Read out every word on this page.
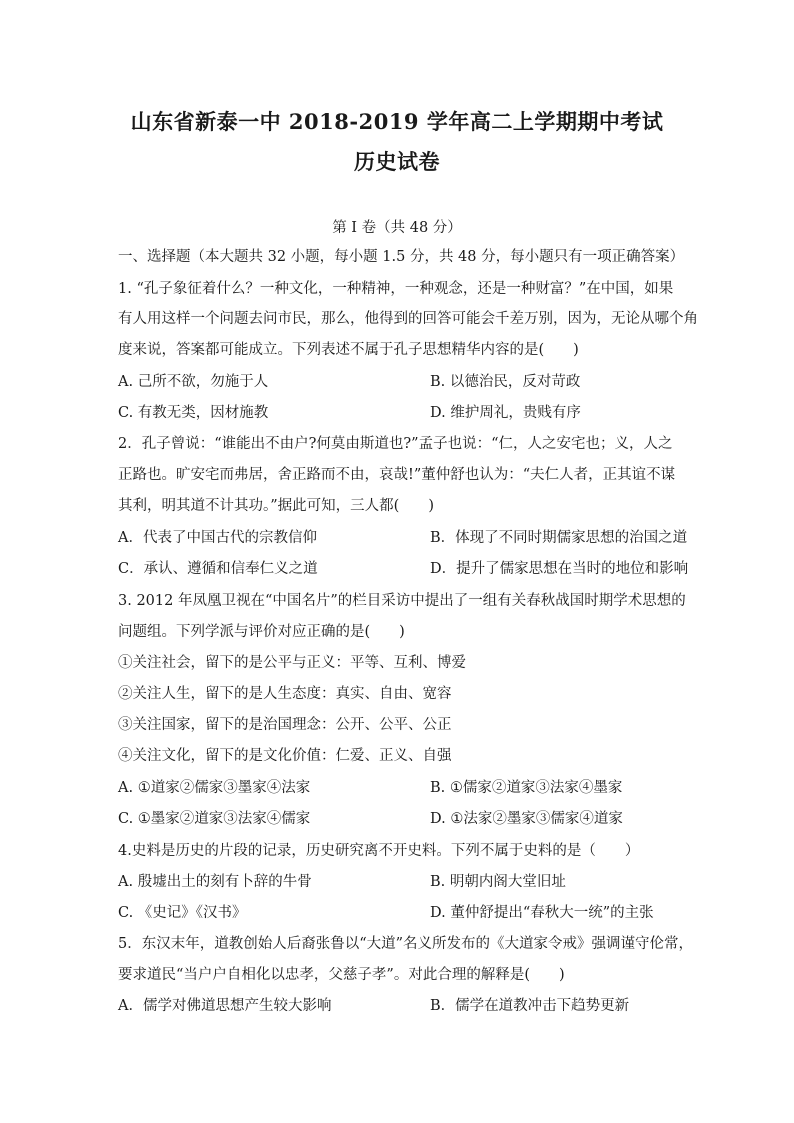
山东省新泰一中 2018-2019 学年高二上学期期中考试
历史试卷
第 I 卷（共 48 分）
一、选择题（本大题共 32 小题，每小题 1.5 分，共 48 分，每小题只有一项正确答案）
1. “孔子象征着什么？一种文化，一种精神，一种观念，还是一种财富？”在中国，如果
有人用这样一个问题去问市民，那么，他得到的回答可能会千差万别，因为，无论从哪个角
度来说，答案都可能成立。下列表述不属于孔子思想精华内容的是(　　)
A. 己所不欲，勿施于人	B. 以德治民，反对苛政
C. 有教无类，因材施教	D. 维护周礼，贵贱有序
2．孔子曾说：“谁能出不由户?何莫由斯道也?”孟子也说：“仁，人之安宅也；义，人之
正路也。旷安宅而弗居，舍正路而不由，哀哉!”董仲舒也认为：“夫仁人者，正其谊不谋
其利，明其道不计其功。”据此可知，三人都(　　)
A．代表了中国古代的宗教信仰	B．体现了不同时期儒家思想的治国之道
C．承认、遵循和信奉仁义之道	D．提升了儒家思想在当时的地位和影响
3. 2012 年凤凰卫视在“中国名片”的栏目采访中提出了一组有关春秋战国时期学术思想的
问题组。下列学派与评价对应正确的是(　　)
①关注社会，留下的是公平与正义：平等、互利、博爱
②关注人生，留下的是人生态度：真实、自由、宽容
③关注国家，留下的是治国理念：公开、公平、公正
④关注文化，留下的是文化价值：仁爱、正义、自强
A. ①道家②儒家③墨家④法家	B. ①儒家②道家③法家④墨家
C. ①墨家②道家③法家④儒家	D. ①法家②墨家③儒家④道家
4.史料是历史的片段的记录，历史研究离不开史料。下列不属于史料的是（　　）
A. 殷墟出土的刻有卜辞的牛骨	B. 明朝内阁大堂旧址
C. 《史记》《汉书》	D. 董仲舒提出“春秋大一统”的主张
5．东汉末年，道教创始人后裔张鲁以“大道”名义所发布的《大道家令戒》强调谨守伦常，
要求道民“当户户自相化以忠孝，父慈子孝”。对此合理的解释是(　　)
A．儒学对佛道思想产生较大影响	B．儒学在道教冲击下趋势更新
